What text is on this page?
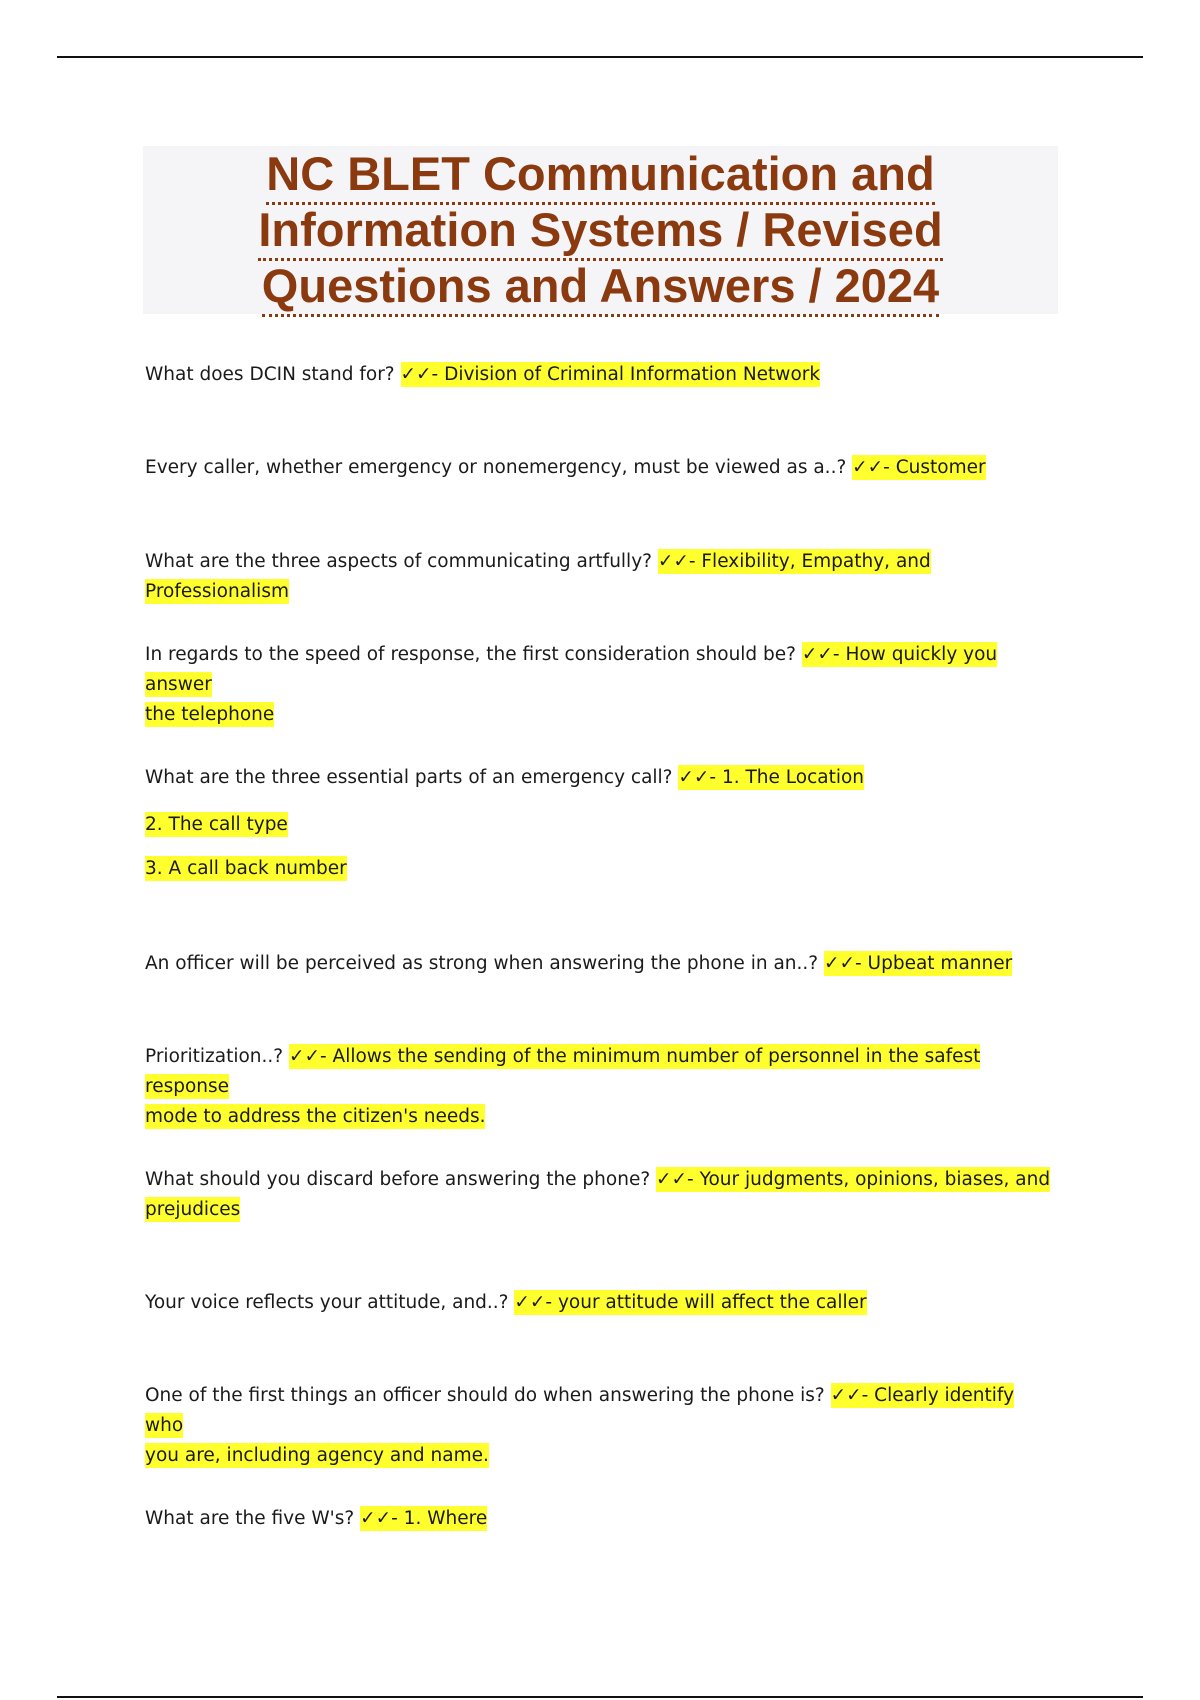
NC BLET Communication and
Information Systems / Revised
Questions and Answers / 2024
What does DCIN stand for? ✓✓- Division of Criminal Information Network
Every caller, whether emergency or nonemergency, must be viewed as a..? ✓✓- Customer
What are the three aspects of communicating artfully? ✓✓- Flexibility, Empathy, and Professionalism
In regards to the speed of response, the first consideration should be? ✓✓- How quickly you answer
the telephone
What are the three essential parts of an emergency call? ✓✓- 1. The Location
2. The call type
3. A call back number
An officer will be perceived as strong when answering the phone in an..? ✓✓- Upbeat manner
Prioritization..? ✓✓- Allows the sending of the minimum number of personnel in the safest response
mode to address the citizen's needs.
What should you discard before answering the phone? ✓✓- Your judgments, opinions, biases, and
prejudices
Your voice reflects your attitude, and..? ✓✓- your attitude will affect the caller
One of the first things an officer should do when answering the phone is? ✓✓- Clearly identify who
you are, including agency and name.
What are the five W's? ✓✓- 1. Where
